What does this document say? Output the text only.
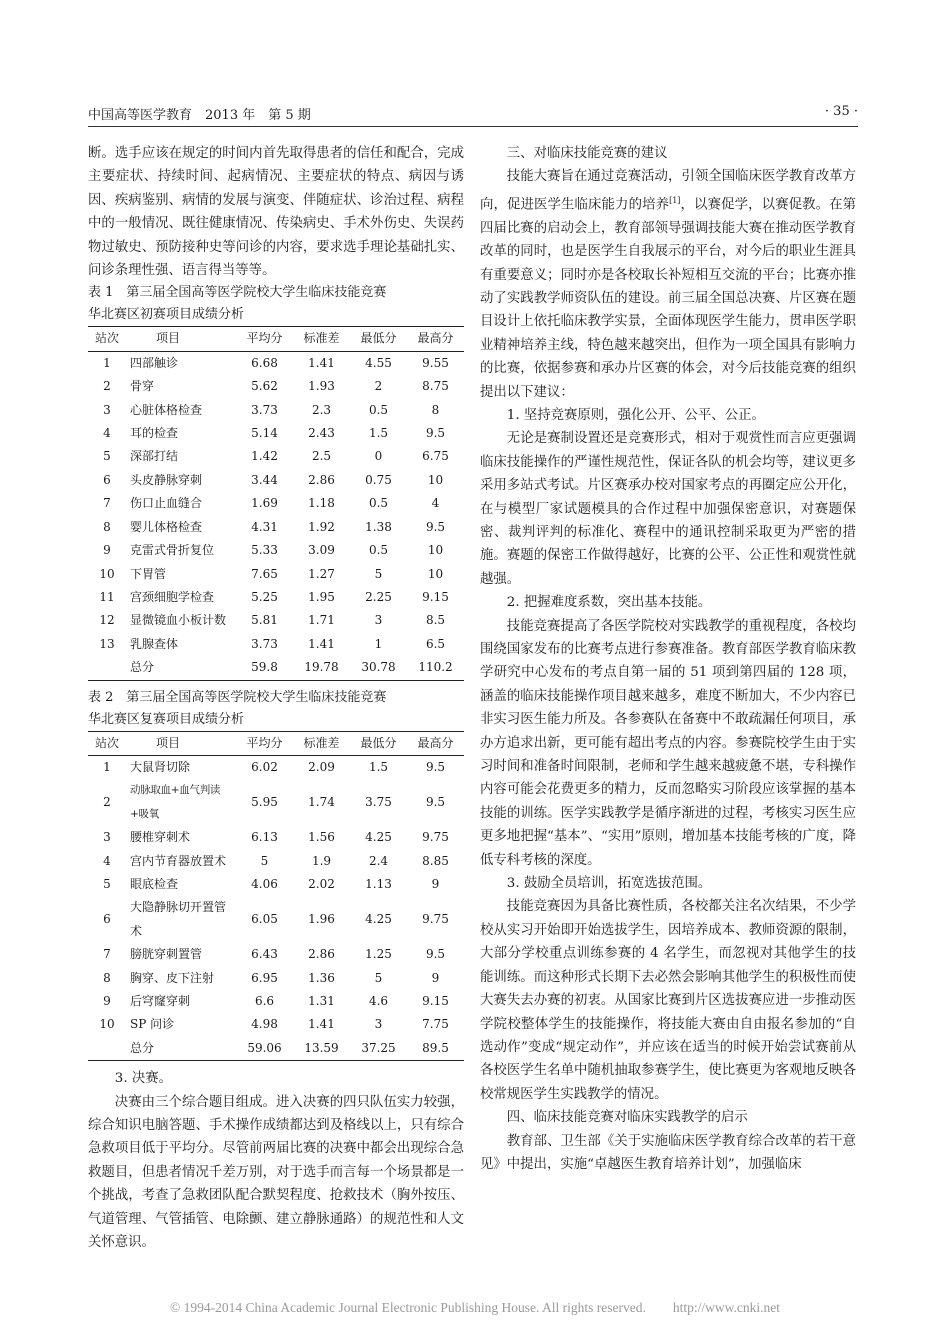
中国高等医学教育　2013 年　第 5 期	· 35 ·

断。选手应该在规定的时间内首先取得患者的信任和配合，完成主要症状、持续时间、起病情况、主要症状的特点、病因与诱因、疾病鉴别、病情的发展与演变、伴随症状、诊治过程、病程中的一般情况、既往健康情况、传染病史、手术外伤史、失误药物过敏史、预防接种史等问诊的内容，要求选手理论基础扎实、问诊条理性强、语言得当等等。

表 1　第三届全国高等医学院校大学生临床技能竞赛

华北赛区初赛项目成绩分析

站次	项目	平均分	标准差	最低分	最高分
1	四部触诊	6.68	1.41	4.55	9.55
2	骨穿	5.62	1.93	2	8.75
3	心脏体格检查	3.73	2.3	0.5	8
4	耳的检查	5.14	2.43	1.5	9.5
5	深部打结	1.42	2.5	0	6.75
6	头皮静脉穿刺	3.44	2.86	0.75	10
7	伤口止血缝合	1.69	1.18	0.5	4
8	婴儿体格检查	4.31	1.92	1.38	9.5
9	克雷式骨折复位	5.33	3.09	0.5	10
10	下胃管	7.65	1.27	5	10
11	宫颈细胞学检查	5.25	1.95	2.25	9.15
12	显微镜血小板计数	5.81	1.71	3	8.5
13	乳腺查体	3.73	1.41	1	6.5
	总分	59.8	19.78	30.78	110.2

表 2　第三届全国高等医学院校大学生临床技能竞赛

华北赛区复赛项目成绩分析

站次	项目	平均分	标准差	最低分	最高分
1	大鼠肾切除	6.02	2.09	1.5	9.5
2	动脉取血+血气判读+吸氧	5.95	1.74	3.75	9.5
3	腰椎穿刺术	6.13	1.56	4.25	9.75
4	宫内节育器放置术	5	1.9	2.4	8.85
5	眼底检查	4.06	2.02	1.13	9
6	大隐静脉切开置管术	6.05	1.96	4.25	9.75
7	膀胱穿刺置管	6.43	2.86	1.25	9.5
8	胸穿、皮下注射	6.95	1.36	5	9
9	后穹窿穿刺	6.6	1.31	4.6	9.15
10	SP 问诊	4.98	1.41	3	7.75
	总分	59.06	13.59	37.25	89.5

3. 决赛。

决赛由三个综合题目组成。进入决赛的四只队伍实力较强，综合知识电脑答题、手术操作成绩都达到及格线以上，只有综合急救项目低于平均分。尽管前两届比赛的决赛中都会出现综合急救题目，但患者情况千差万别，对于选手而言每一个场景都是一个挑战，考查了急救团队配合默契程度、抢救技术（胸外按压、气道管理、气管插管、电除颤、建立静脉通路）的规范性和人文关怀意识。

三、对临床技能竞赛的建议

技能大赛旨在通过竞赛活动，引领全国临床医学教育改革方向，促进医学生临床能力的培养[1]，以赛促学，以赛促教。在第四届比赛的启动会上，教育部领导强调技能大赛在推动医学教育改革的同时，也是医学生自我展示的平台，对今后的职业生涯具有重要意义；同时亦是各校取长补短相互交流的平台；比赛亦推动了实践教学师资队伍的建设。前三届全国总决赛、片区赛在题目设计上依托临床教学实景，全面体现医学生能力，贯串医学职业精神培养主线，特色越来越突出，但作为一项全国具有影响力的比赛，依据参赛和承办片区赛的体会，对今后技能竞赛的组织提出以下建议：

1. 坚持竞赛原则，强化公开、公平、公正。

无论是赛制设置还是竞赛形式，相对于观赏性而言应更强调临床技能操作的严谨性规范性，保证各队的机会均等，建议更多采用多站式考试。片区赛承办校对国家考点的再圈定应公开化，在与模型厂家试题模具的合作过程中加强保密意识，对赛题保密、裁判评判的标准化、赛程中的通讯控制采取更为严密的措施。赛题的保密工作做得越好，比赛的公平、公正性和观赏性就越强。

2. 把握难度系数，突出基本技能。

技能竞赛提高了各医学院校对实践教学的重视程度，各校均围绕国家发布的比赛考点进行参赛准备。教育部医学教育临床教学研究中心发布的考点自第一届的 51 项到第四届的 128 项，涵盖的临床技能操作项目越来越多，难度不断加大，不少内容已非实习医生能力所及。各参赛队在备赛中不敢疏漏任何项目，承办方追求出新，更可能有超出考点的内容。参赛院校学生由于实习时间和准备时间限制，老师和学生越来越疲惫不堪，专科操作内容可能会花费更多的精力，反而忽略实习阶段应该掌握的基本技能的训练。医学实践教学是循序渐进的过程，考核实习医生应更多地把握“基本”、“实用”原则，增加基本技能考核的广度，降低专科考核的深度。

3. 鼓励全员培训，拓宽选拔范围。

技能竞赛因为具备比赛性质，各校都关注名次结果，不少学校从实习开始即开始选拔学生，因培养成本、教师资源的限制，大部分学校重点训练参赛的 4 名学生，而忽视对其他学生的技能训练。而这种形式长期下去必然会影响其他学生的积极性而使大赛失去办赛的初衷。从国家比赛到片区选拔赛应进一步推动医学院校整体学生的技能操作，将技能大赛由自由报名参加的“自选动作”变成“规定动作”，并应该在适当的时候开始尝试赛前从各校医学生名单中随机抽取参赛学生，使比赛更为客观地反映各校常规医学生实践教学的情况。

四、临床技能竞赛对临床实践教学的启示

教育部、卫生部《关于实施临床医学教育综合改革的若干意见》中提出，实施“卓越医生教育培养计划”，加强临床

© 1994-2014 China Academic Journal Electronic Publishing House. All rights reserved.　　http://www.cnki.net
